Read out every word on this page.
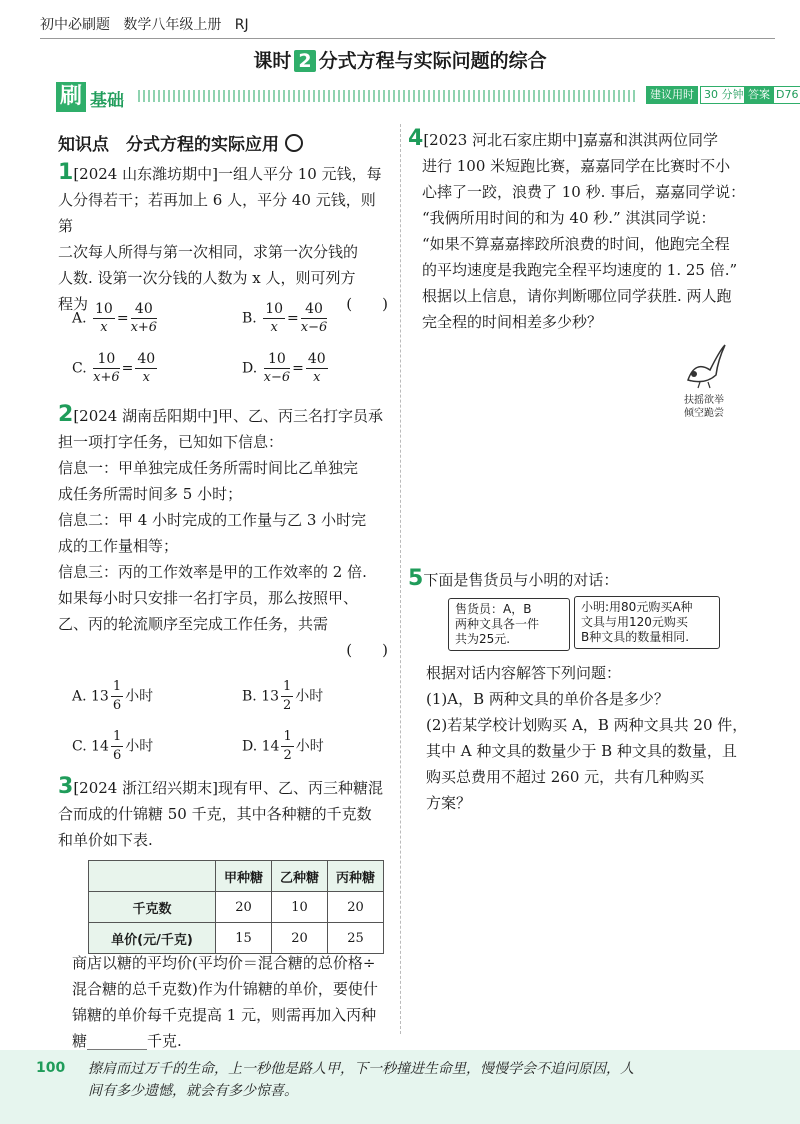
初中必刷题 数学八年级上册 RJ
课时 2 分式方程与实际问题的综合
刷 基础	建议用时 30 分钟 答案 D76
知识点　分式方程的实际应用
1[2024 山东潍坊期中]一组人平分 10 元钱，每
人分得若干；若再加上 6 人，平分 40 元钱，则第
二次每人所得与第一次相同，求第一次分钱的
人数. 设第一次分钱的人数为 x 人，则可列方
程为	(　　)
A. $\frac{10}{x} = \frac{40}{x+6}$	B. $\frac{10}{x} = \frac{40}{x-6}$
C. $\frac{10}{x+6} = \frac{40}{x}$	D. $\frac{10}{x-6} = \frac{40}{x}$
2[2024 湖南岳阳期中]甲、乙、丙三名打字员承
担一项打字任务，已知如下信息：
信息一：甲单独完成任务所需时间比乙单独完
成任务所需时间多 5 小时；
信息二：甲 4 小时完成的工作量与乙 3 小时完
成的工作量相等；
信息三：丙的工作效率是甲的工作效率的 2 倍.
如果每小时只安排一名打字员，那么按照甲、
乙、丙的轮流顺序至完成工作任务，共需
(　　)
A. $13 \frac{1}{6}$ 小时	B. $13 \frac{1}{2}$ 小时
C. $14 \frac{1}{6}$ 小时	D. $14 \frac{1}{2}$ 小时
3[2024 浙江绍兴期末]现有甲、乙、丙三种糖混
合而成的什锦糖 50 千克，其中各种糖的千克数
和单价如下表.
	甲种糖	乙种糖	丙种糖
千克数	20	10	20
单价(元/千克)	15	20	25
商店以糖的平均价(平均价＝混合糖的总价格÷
混合糖的总千克数)作为什锦糖的单价，要使什
锦糖的单价每千克提高 1 元，则需再加入丙种
糖________千克.
4[2023 河北石家庄期中]嘉嘉和淇淇两位同学
进行 100 米短跑比赛，嘉嘉同学在比赛时不小
心摔了一跤，浪费了 10 秒. 事后，嘉嘉同学说：
“我俩所用时间的和为 40 秒.” 淇淇同学说：
“如果不算嘉嘉摔跤所浪费的时间，他跑完全程
的平均速度是我跑完全程平均速度的 1. 25 倍.”
根据以上信息，请你判断哪位同学获胜. 两人跑
完全程的时间相差多少秒？
扶摇欲举
倾空跪尝
5下面是售货员与小明的对话：
售货员：A，B
两种文具各一件
共为25元.
小明:用80元购买A种
文具与用120元购买
B种文具的数量相同.
根据对话内容解答下列问题：
(1)A，B 两种文具的单价各是多少？
(2)若某学校计划购买 A，B 两种文具共 20 件，
其中 A 种文具的数量少于 B 种文具的数量，且
购买总费用不超过 260 元，共有几种购买
方案？
100 擦肩而过万千的生命，上一秒他是路人甲，下一秒撞进生命里，慢慢学会不追问原因，人
间有多少遗憾，就会有多少惊喜。
